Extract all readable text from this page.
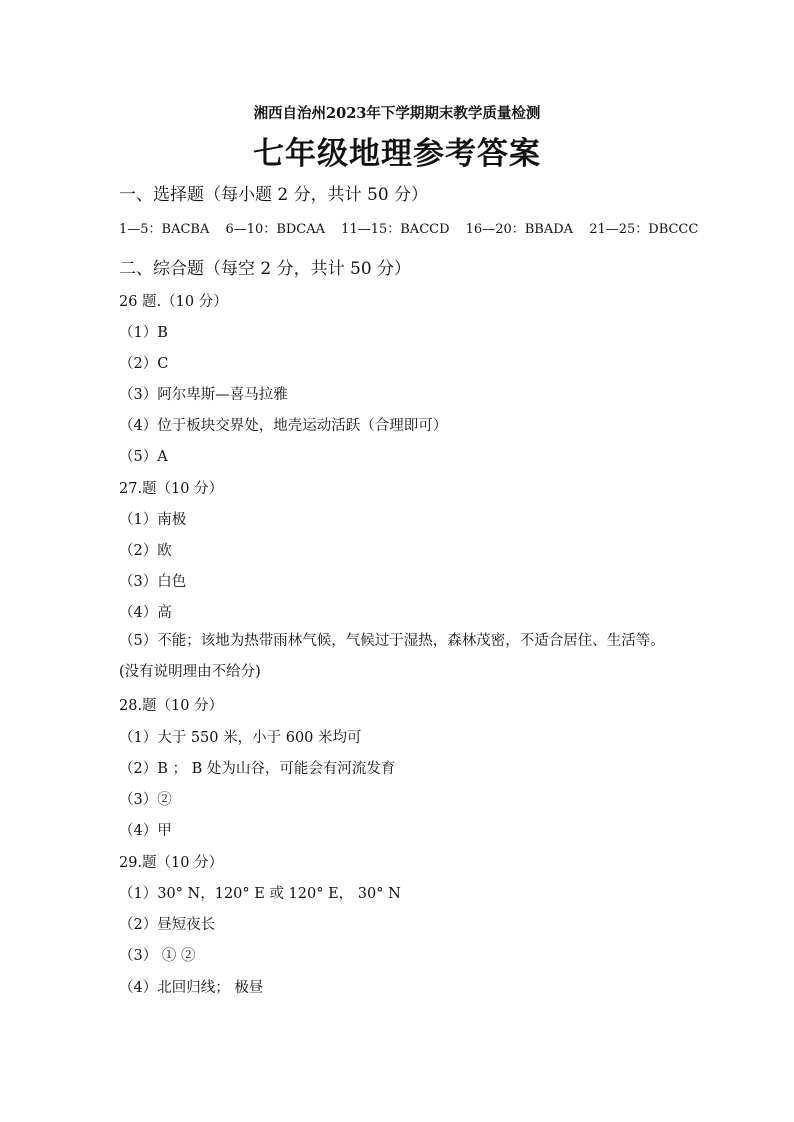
湘西自治州2023年下学期期末教学质量检测
七年级地理参考答案
一、选择题（每小题 2 分，共计 50 分）
1—5：BACBA 6—10：BDCAA 11—15：BACCD 16—20：BBADA 21—25：DBCCC
二、综合题（每空 2 分，共计 50 分）
26 题.（10 分）
（1）B
（2）C
（3）阿尔卑斯—喜马拉雅
（4）位于板块交界处，地壳运动活跃（合理即可）
（5）A
27.题（10 分）
（1）南极
（2）欧
（3）白色
（4）高
（5）不能；该地为热带雨林气候，气候过于湿热，森林茂密，不适合居住、生活等。(没有说明理由不给分)
28.题（10 分）
（1）大于 550 米，小于 600 米均可
（2）B ； B 处为山谷，可能会有河流发育
（3）②
（4）甲
29.题（10 分）
（1）30° N，120° E 或 120° E， 30° N
（2）昼短夜长
（3） ① ②
（4）北回归线； 极昼
